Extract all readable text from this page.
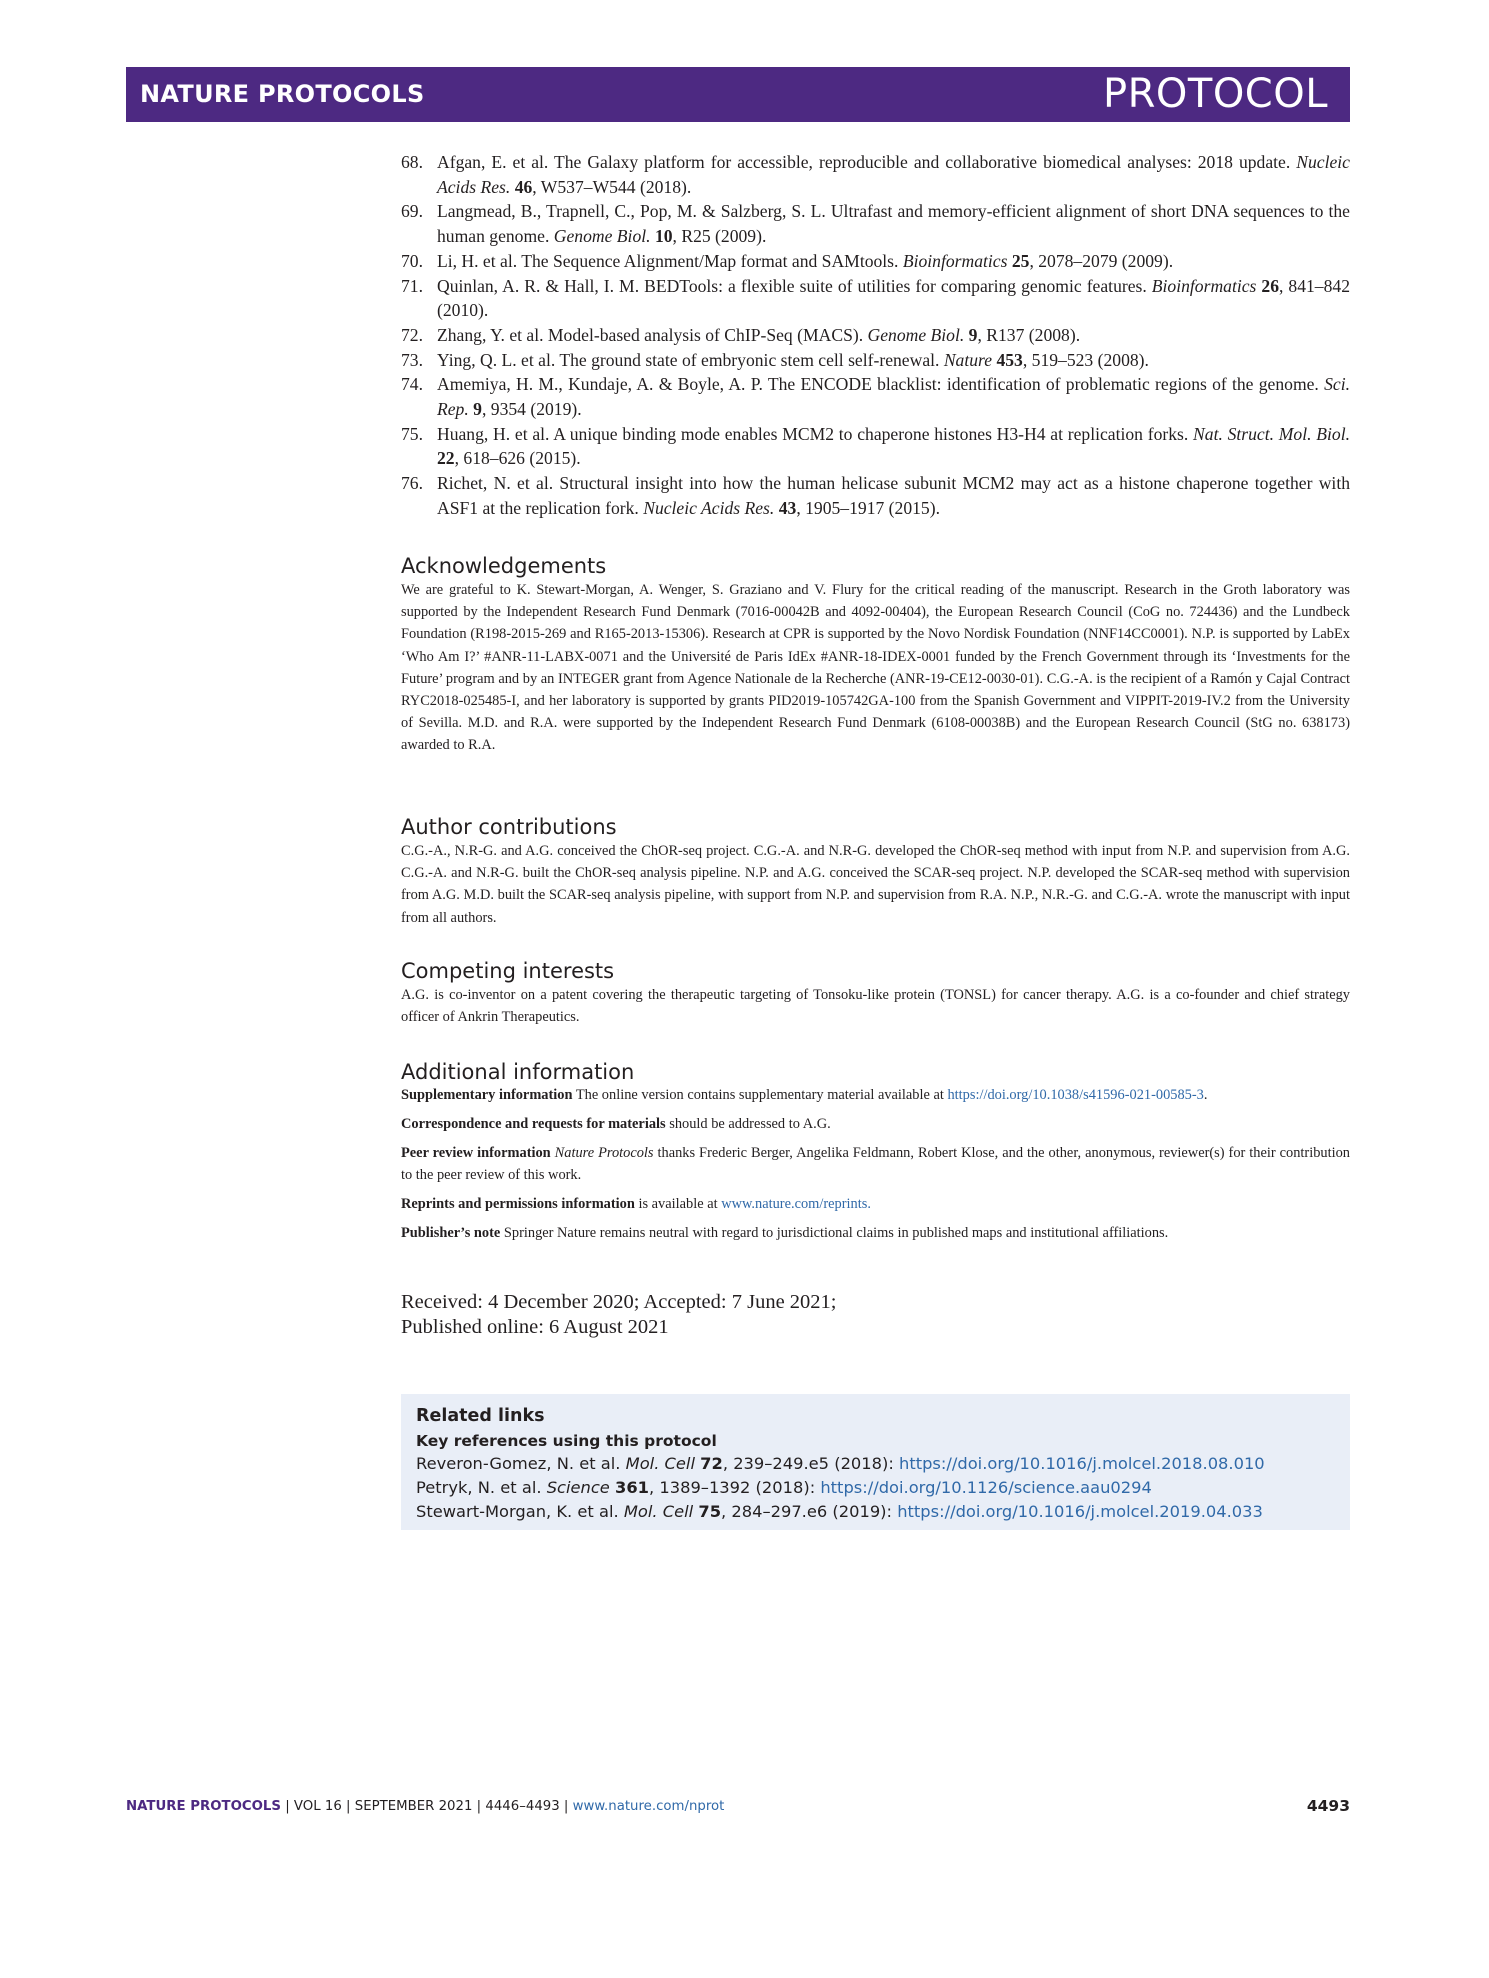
NATURE PROTOCOLS	PROTOCOL
68. Afgan, E. et al. The Galaxy platform for accessible, reproducible and collaborative biomedical analyses: 2018 update. Nucleic Acids Res. 46, W537–W544 (2018).
69. Langmead, B., Trapnell, C., Pop, M. & Salzberg, S. L. Ultrafast and memory-efficient alignment of short DNA sequences to the human genome. Genome Biol. 10, R25 (2009).
70. Li, H. et al. The Sequence Alignment/Map format and SAMtools. Bioinformatics 25, 2078–2079 (2009).
71. Quinlan, A. R. & Hall, I. M. BEDTools: a flexible suite of utilities for comparing genomic features. Bioinformatics 26, 841–842 (2010).
72. Zhang, Y. et al. Model-based analysis of ChIP-Seq (MACS). Genome Biol. 9, R137 (2008).
73. Ying, Q. L. et al. The ground state of embryonic stem cell self-renewal. Nature 453, 519–523 (2008).
74. Amemiya, H. M., Kundaje, A. & Boyle, A. P. The ENCODE blacklist: identification of problematic regions of the genome. Sci. Rep. 9, 9354 (2019).
75. Huang, H. et al. A unique binding mode enables MCM2 to chaperone histones H3-H4 at replication forks. Nat. Struct. Mol. Biol. 22, 618–626 (2015).
76. Richet, N. et al. Structural insight into how the human helicase subunit MCM2 may act as a histone chaperone together with ASF1 at the replication fork. Nucleic Acids Res. 43, 1905–1917 (2015).
Acknowledgements

We are grateful to K. Stewart-Morgan, A. Wenger, S. Graziano and V. Flury for the critical reading of the manuscript. Research in the Groth laboratory was supported by the Independent Research Fund Denmark (7016-00042B and 4092-00404), the European Research Council (CoG no. 724436) and the Lundbeck Foundation (R198-2015-269 and R165-2013-15306). Research at CPR is supported by the Novo Nordisk Foundation (NNF14CC0001). N.P. is supported by LabEx ‘Who Am I?’ #ANR-11-LABX-0071 and the Université de Paris IdEx #ANR-18-IDEX-0001 funded by the French Government through its ‘Investments for the Future’ program and by an INTEGER grant from Agence Nationale de la Recherche (ANR-19-CE12-0030-01). C.G.-A. is the recipient of a Ramón y Cajal Contract RYC2018-025485-I, and her laboratory is supported by grants PID2019-105742GA-100 from the Spanish Government and VIPPIT-2019-IV.2 from the University of Sevilla. M.D. and R.A. were supported by the Independent Research Fund Denmark (6108-00038B) and the European Research Council (StG no. 638173) awarded to R.A.

Author contributions

C.G.-A., N.R-G. and A.G. conceived the ChOR-seq project. C.G.-A. and N.R-G. developed the ChOR-seq method with input from N.P. and supervision from A.G. C.G.-A. and N.R-G. built the ChOR-seq analysis pipeline. N.P. and A.G. conceived the SCAR-seq project. N.P. developed the SCAR-seq method with supervision from A.G. M.D. built the SCAR-seq analysis pipeline, with support from N.P. and supervision from R.A. N.P., N.R.-G. and C.G.-A. wrote the manuscript with input from all authors.

Competing interests

A.G. is co-inventor on a patent covering the therapeutic targeting of Tonsoku-like protein (TONSL) for cancer therapy. A.G. is a co-founder and chief strategy officer of Ankrin Therapeutics.

Additional information

Supplementary information The online version contains supplementary material available at https://doi.org/10.1038/s41596-021-00585-3.

Correspondence and requests for materials should be addressed to A.G.

Peer review information Nature Protocols thanks Frederic Berger, Angelika Feldmann, Robert Klose, and the other, anonymous, reviewer(s) for their contribution to the peer review of this work.

Reprints and permissions information is available at www.nature.com/reprints.

Publisher’s note Springer Nature remains neutral with regard to jurisdictional claims in published maps and institutional affiliations.

Received: 4 December 2020; Accepted: 7 June 2021;
Published online: 6 August 2021
Related links
Key references using this protocol
Reveron-Gomez, N. et al. Mol. Cell 72, 239–249.e5 (2018): https://doi.org/10.1016/j.molcel.2018.08.010
Petryk, N. et al. Science 361, 1389–1392 (2018): https://doi.org/10.1126/science.aau0294
Stewart-Morgan, K. et al. Mol. Cell 75, 284–297.e6 (2019): https://doi.org/10.1016/j.molcel.2019.04.033
NATURE PROTOCOLS | VOL 16 | SEPTEMBER 2021 | 4446–4493 | www.nature.com/nprot	4493
